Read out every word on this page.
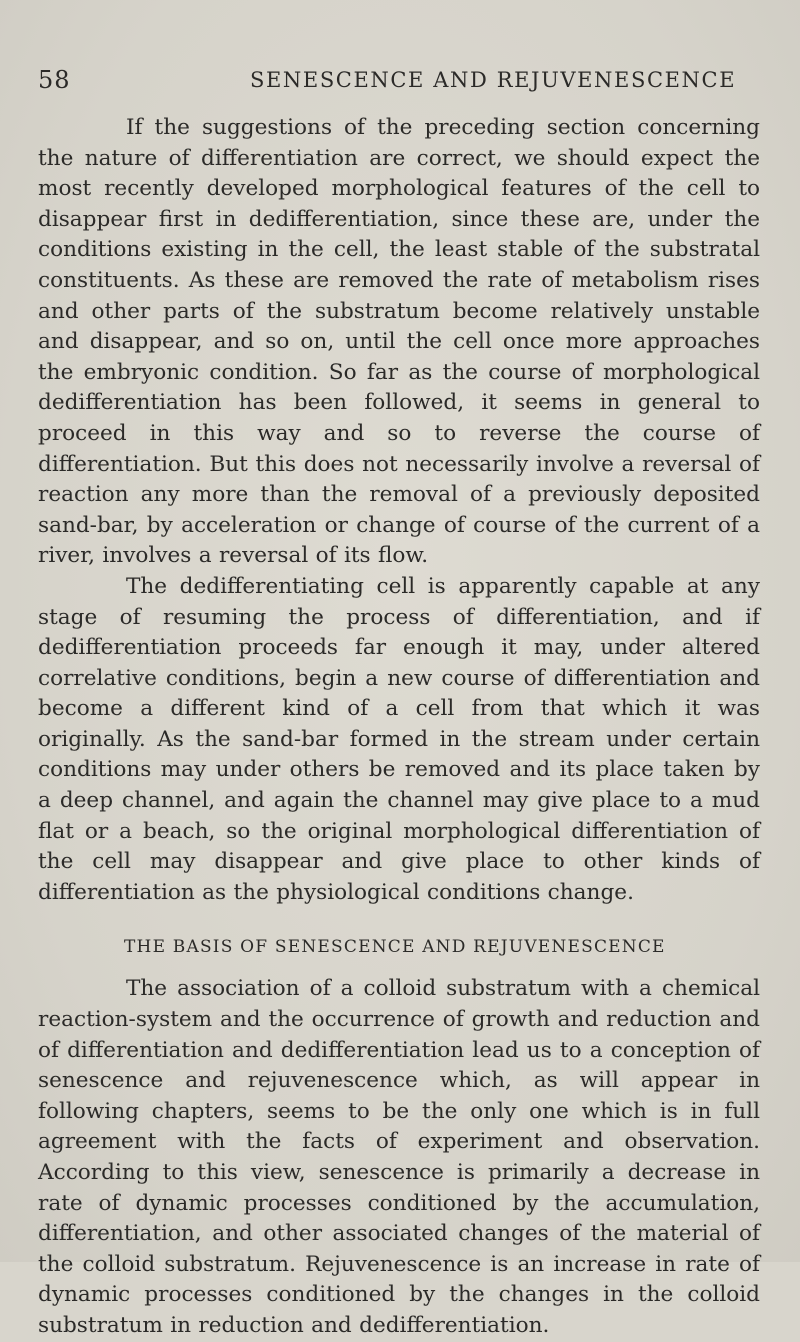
58	SENESCENCE AND REJUVENESCENCE

If the suggestions of the preceding section concerning the nature of differentiation are correct, we should expect the most recently developed morphological features of the cell to disappear first in dedifferentiation, since these are, under the conditions existing in the cell, the least stable of the substratal constituents. As these are removed the rate of metabolism rises and other parts of the substratum become relatively unstable and disappear, and so on, until the cell once more approaches the embryonic condition. So far as the course of morphological dedifferentiation has been followed, it seems in general to proceed in this way and so to reverse the course of differentiation. But this does not necessarily involve a reversal of reaction any more than the removal of a previously deposited sand-bar, by acceleration or change of course of the current of a river, involves a reversal of its flow.

The dedifferentiating cell is apparently capable at any stage of resuming the process of differentiation, and if dedifferentiation proceeds far enough it may, under altered correlative conditions, begin a new course of differentiation and become a different kind of a cell from that which it was originally. As the sand-bar formed in the stream under certain conditions may under others be removed and its place taken by a deep channel, and again the channel may give place to a mud flat or a beach, so the original morphological differentiation of the cell may disappear and give place to other kinds of differentiation as the physiological conditions change.

THE BASIS OF SENESCENCE AND REJUVENESCENCE

The association of a colloid substratum with a chemical reaction-system and the occurrence of growth and reduction and of differentiation and dedifferentiation lead us to a conception of senescence and rejuvenescence which, as will appear in following chapters, seems to be the only one which is in full agreement with the facts of experiment and observation. According to this view, senescence is primarily a decrease in rate of dynamic processes conditioned by the accumulation, differentiation, and other associated changes of the material of the colloid substratum. Rejuvenescence is an increase in rate of dynamic processes conditioned by the changes in the colloid substratum in reduction and dedifferentiation.
